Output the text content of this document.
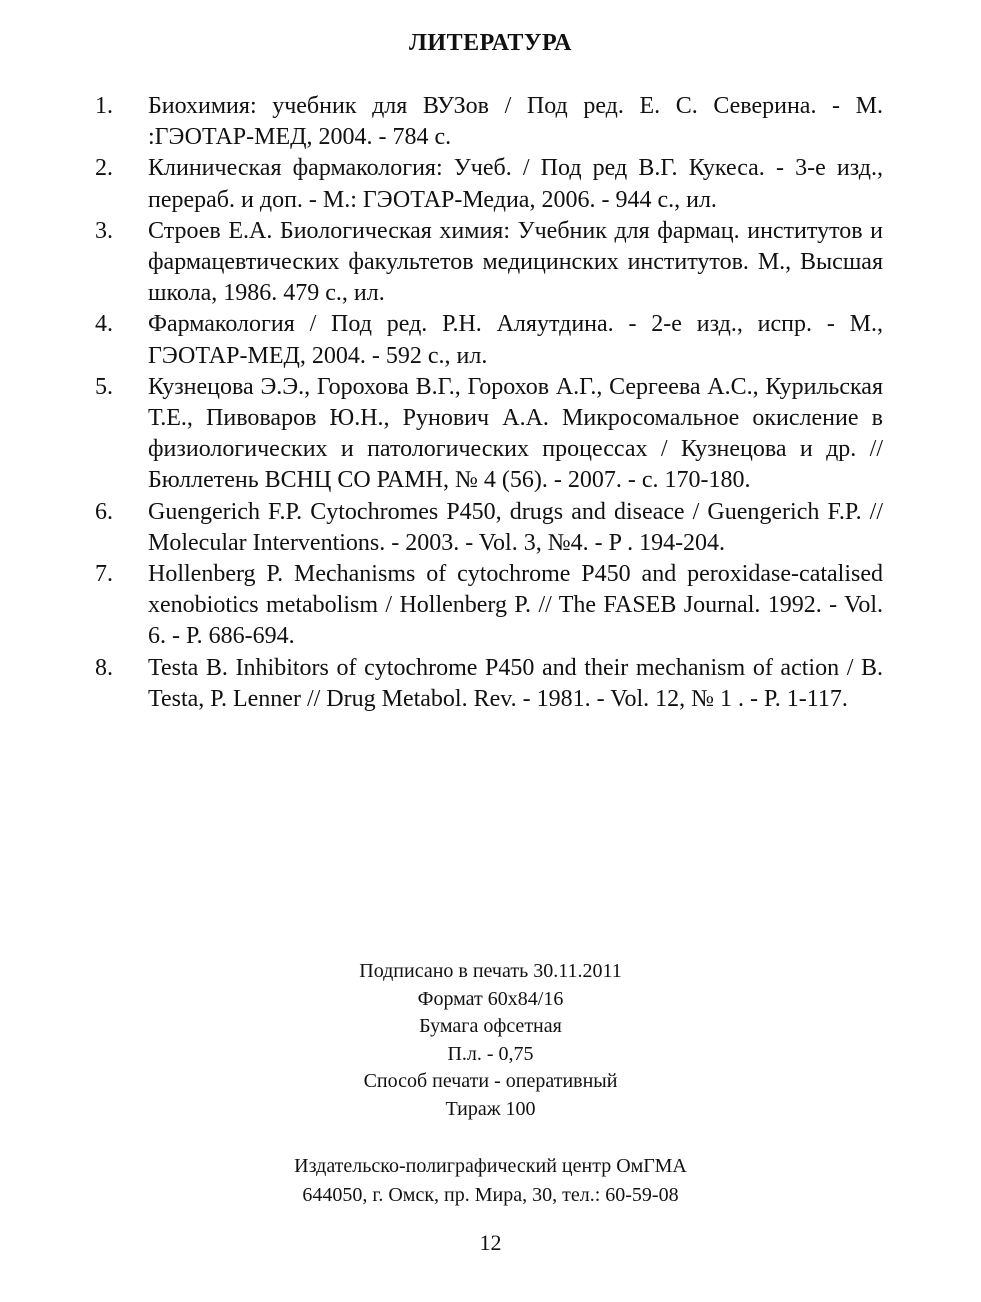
ЛИТЕРАТУРА
1. Биохимия: учебник для ВУЗов / Под ред. Е. С. Северина. - М. :ГЭОТАР-МЕД, 2004. - 784 с.
2. Клиническая фармакология: Учеб. / Под ред В.Г. Кукеса. - 3-е изд., перераб. и доп. - М.: ГЭОТАР-Медиа, 2006. - 944 с., ил.
3. Строев Е.А. Биологическая химия: Учебник для фармац. институтов и фармацевтических факультетов медицинских институтов. М., Высшая школа, 1986. 479 с., ил.
4. Фармакология / Под ред. Р.Н. Аляутдина. - 2-е изд., испр. - М., ГЭОТАР-МЕД, 2004. - 592 с., ил.
5. Кузнецова Э.Э., Горохова В.Г., Горохов А.Г., Сергеева А.С., Курильская Т.Е., Пивоваров Ю.Н., Рунович А.А. Микросомальное окисление в физиологических и патологических процессах / Кузнецова и др. // Бюллетень ВСНЦ СО РАМН, № 4 (56). - 2007. - с. 170-180.
6. Guengerich F.P. Cytochromes P450, drugs and diseace / Guengerich F.P. // Molecular Interventions. - 2003. - Vol. 3, №4. - P . 194-204.
7. Hollenberg P. Mechanisms of cytochrome P450 and peroxidase-catalised xenobiotics metabolism / Hollenberg P. // The FASEB Journal. 1992. - Vol. 6. - P. 686-694.
8. Testa B. Inhibitors of cytochrome P450 and their mechanism of action / B. Testa, P. Lenner // Drug Metabol. Rev. - 1981. - Vol. 12, № 1 . - P. 1-117.
Подписано в печать 30.11.2011
Формат 60х84/16
Бумага офсетная
П.л. - 0,75
Способ печати - оперативный
Тираж 100
Издательско-полиграфический центр ОмГМА
644050, г. Омск, пр. Мира, 30, тел.: 60-59-08
12
